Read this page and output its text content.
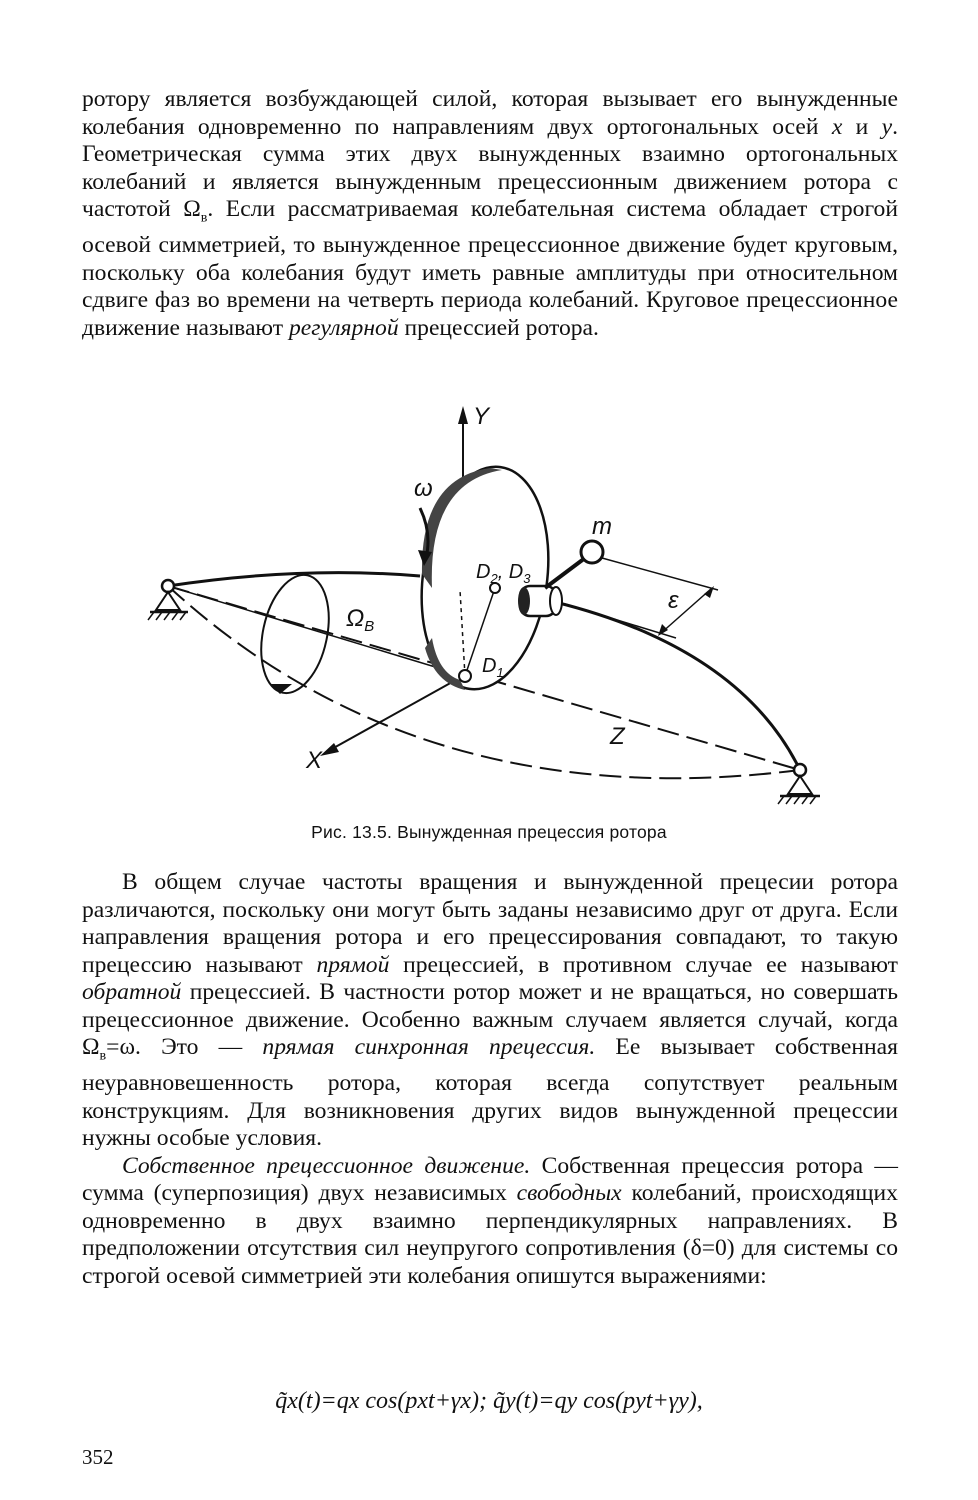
ротору является возбуждающей силой, которая вызывает его вынужденные колебания одновременно по направлениям двух ортогональных осей x и y. Геометрическая сумма этих двух вынужденных взаимно ортогональных колебаний и является вынужденным прецессионным движением ротора с частотой $\Omega_в$. Если рассматриваемая колебательная система обладает строгой осевой симметрией, то вынужденное прецессионное движение будет круговым, поскольку оба колебания будут иметь равные амплитуды при относительном сдвиге фаз во времени на четверть периода колебаний. Круговое прецессионное движение называют регулярной прецессией ротора.

Y
X
Z
ω
$\Omega_B$
m
ε
$D_1$
$D_2$, $D_3$
Рис. 13.5. Вынужденная прецессия ротора

В общем случае частоты вращения и вынужденной прецесии ротора различаются, поскольку они могут быть заданы независимо друг от друга. Если направления вращения ротора и его прецессирования совпадают, то такую прецессию называют прямой прецессией, в противном случае ее называют обратной прецессией. В частности ротор может и не вращаться, но совершать прецессионное движение. Особенно важным случаем является случай, когда $\Omega_в=\omega$. Это — прямая синхронная прецессия. Ее вызывает собственная неуравновешенность ротора, которая всегда сопутствует реальным конструкциям. Для возникновения других видов вынужденной прецессии нужны особые условия.

Собственное прецессионное движение. Собственная прецессия ротора — сумма (суперпозиция) двух независимых свободных колебаний, происходящих одновременно в двух взаимно перпендикулярных направлениях. В предположении отсутствия сил неупругого сопротивления (δ=0) для системы со строгой осевой симметрией эти колебания опишутся выражениями:

q̃x(t)=qx cos(pxt+γx); q̃y(t)=qy cos(pyt+γy),
352
